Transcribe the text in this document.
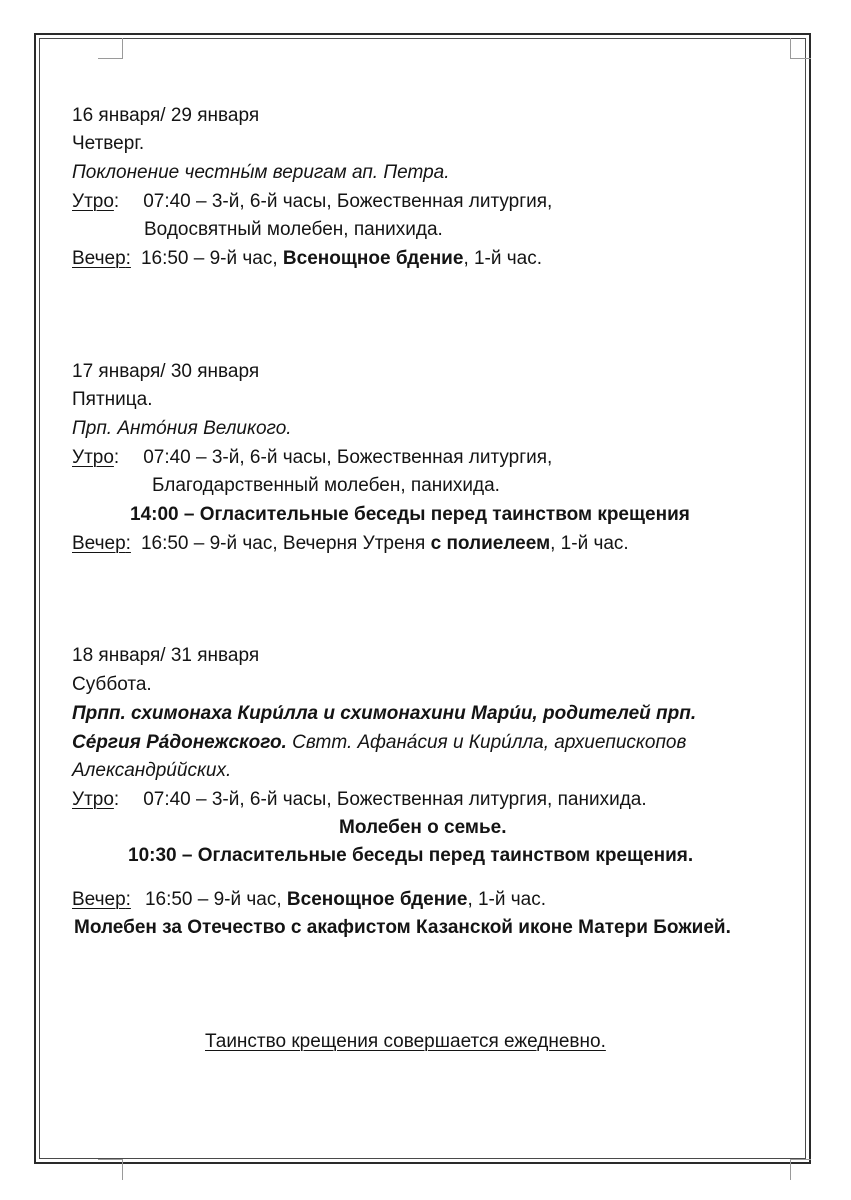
16 января/ 29 января
Четверг.
Поклонение честны́м веригам ап. Петра.
Утро: 07:40 – 3-й, 6-й часы, Божественная литургия,
Водосвятный молебен, панихида.
Вечер: 16:50 – 9-й час, Всенощное бдение, 1-й час.
17 января/ 30 января
Пятница.
Прп. Анто́ния Великого.
Утро: 07:40 – 3-й, 6-й часы, Божественная литургия,
Благодарственный молебен, панихида.
14:00 – Огласительные беседы перед таинством крещения
Вечер: 16:50 – 9-й час, Вечерня Утреня с полиелеем, 1-й час.
18 января/ 31 января
Суббота.
Прпп. схимонаха Кири́лла и схимонахини Мари́и, родителей прп.
Се́ргия Ра́донежского. Свтт. Афана́сия и Кири́лла, архиепископов
Александри́йских.
Утро: 07:40 – 3-й, 6-й часы, Божественная литургия, панихида.
Молебен о семье.
10:30 – Огласительные беседы перед таинством крещения.
Вечер: 16:50 – 9-й час, Всенощное бдение, 1-й час.
Молебен за Отечество с акафистом Казанской иконе Матери Божией.
Таинство крещения совершается ежедневно.
